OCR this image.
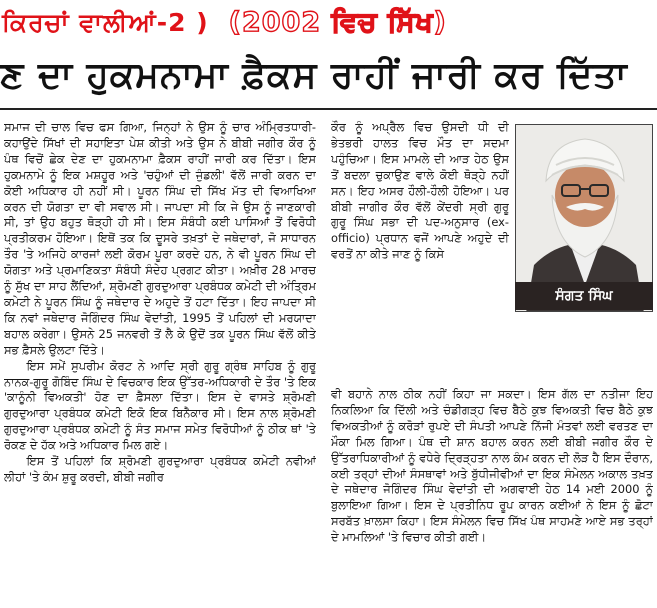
ਕਿਰਚਾਂ ਵਾਲੀਆਂ-2 ) (2002 ਵਿਚ ਸਿੱਖ)
ਣ ਦਾ ਹੁਕਮਨਾਮਾ ਫ਼ੈਕਸ ਰਾਹੀਂ ਜਾਰੀ ਕਰ ਦਿੱਤਾ

ਸਮਾਜ ਦੀ ਚਾਲ ਵਿਚ ਫਸ ਗਿਆ, ਜਿਨ੍ਹਾਂ ਨੇ ਉਸ ਨੂੰ ਚਾਰ ਅੰਮ੍ਰਿਤਧਾਰੀ-ਕਹਾਉਂਦੇ ਸਿੱਖਾਂ ਦੀ ਸਹਾਇਤਾ ਪੇਸ਼ ਕੀਤੀ ਅਤੇ ਉਸ ਨੇ ਬੀਬੀ ਜਗੀਰ ਕੌਰ ਨੂੰ ਪੰਥ ਵਿਚੋਂ ਛੇਕ ਦੇਣ ਦਾ ਹੁਕਮਨਾਮਾ ਫ਼ੈਕਸ ਰਾਹੀਂ ਜਾਰੀ ਕਰ ਦਿੱਤਾ। ਇਸ ਹੁਕਮਨਾਮੇ ਨੂੰ ਇਕ ਮਸ਼ਹੂਰ ਅਤੇ 'ਚਹੁੰਆਂ ਦੀ ਜੁੰਡਲੀ' ਵੱਲੋਂ ਜਾਰੀ ਕਰਨ ਦਾ ਕੋਈ ਅਧਿਕਾਰ ਹੀ ਨਹੀਂ ਸੀ। ਪੂਰਨ ਸਿੰਘ ਦੀ ਸਿੱਖ ਮੱਤ ਦੀ ਵਿਆਖਿਆ ਕਰਨ ਦੀ ਯੋਗਤਾ ਦਾ ਵੀ ਸਵਾਲ ਸੀ। ਜਾਪਦਾ ਸੀ ਕਿ ਜੇ ਉਸ ਨੂੰ ਜਾਣਕਾਰੀ ਸੀ, ਤਾਂ ਉਹ ਬਹੁਤ ਥੋੜ੍ਹੀ ਹੀ ਸੀ। ਇਸ ਸੰਬੰਧੀ ਕਈ ਪਾਸਿਆਂ ਤੋਂ ਵਿਰੋਧੀ ਪ੍ਰਤੀਕਰਮ ਹੋਇਆ। ਇਥੋਂ ਤਕ ਕਿ ਦੂਸਰੇ ਤਖ਼ਤਾਂ ਦੇ ਜਥੇਦਾਰਾਂ, ਜੋ ਸਾਧਾਰਨ ਤੌਰ 'ਤੇ ਅਜਿਹੇ ਕਾਰਜਾਂ ਲਈ ਕੋਰਮ ਪੂਰਾ ਕਰਦੇ ਹਨ, ਨੇ ਵੀ ਪੂਰਨ ਸਿੰਘ ਦੀ ਯੋਗਤਾ ਅਤੇ ਪ੍ਰਮਾਣਿਕਤਾ ਸੰਬੰਧੀ ਸੰਦੇਹ ਪ੍ਰਗਟ ਕੀਤਾ। ਅਖ਼ੀਰ 28 ਮਾਰਚ ਨੂੰ ਸੁੱਖ ਦਾ ਸਾਹ ਲੈਂਦਿਆਂ, ਸ਼੍ਰੋਮਣੀ ਗੁਰਦੁਆਰਾ ਪ੍ਰਬੰਧਕ ਕਮੇਟੀ ਦੀ ਅੰਤ੍ਰਿਮ ਕਮੇਟੀ ਨੇ ਪੂਰਨ ਸਿੰਘ ਨੂੰ ਜਥੇਦਾਰ ਦੇ ਅਹੁਦੇ ਤੋਂ ਹਟਾ ਦਿੱਤਾ। ਇਹ ਜਾਪਦਾ ਸੀ ਕਿ ਨਵਾਂ ਜਥੇਦਾਰ ਜੋਗਿੰਦਰ ਸਿੰਘ ਵੇਦਾਂਤੀ, 1995 ਤੋਂ ਪਹਿਲਾਂ ਦੀ ਮਰਯਾਦਾ ਬਹਾਲ ਕਰੇਗਾ। ਉਸਨੇ 25 ਜਨਵਰੀ ਤੋਂ ਲੈ ਕੇ ਉਦੋਂ ਤਕ ਪੂਰਨ ਸਿੰਘ ਵੱਲੋਂ ਕੀਤੇ ਸਭ ਫ਼ੈਸਲੇ ਉਲਟਾ ਦਿੱਤੇ।

ਇਸ ਸਮੇਂ ਸੁਪਰੀਮ ਕੋਰਟ ਨੇ ਆਦਿ ਸ੍ਰੀ ਗੁਰੂ ਗ੍ਰੰਥ ਸਾਹਿਬ ਨੂੰ ਗੁਰੂ ਨਾਨਕ-ਗੁਰੂ ਗੋਬਿੰਦ ਸਿੰਘ ਦੇ ਵਿਚਕਾਰ ਇਕ ਉੱਤਰ-ਅਧਿਕਾਰੀ ਦੇ ਤੌਰ 'ਤੇ ਇਕ 'ਕਾਨੂੰਨੀ ਵਿਅਕਤੀ' ਹੋਣ ਦਾ ਫ਼ੈਸਲਾ ਦਿੱਤਾ। ਇਸ ਦੇ ਵਾਸਤੇ ਸ਼੍ਰੋਮਣੀ ਗੁਰਦੁਆਰਾ ਪ੍ਰਬੰਧਕ ਕਮੇਟੀ ਇਕੋ ਇਕ ਬਿਨੈਕਾਰ ਸੀ। ਇਸ ਨਾਲ ਸ਼੍ਰੋਮਣੀ ਗੁਰਦੁਆਰਾ ਪ੍ਰਬੰਧਕ ਕਮੇਟੀ ਨੂੰ ਸੰਤ ਸਮਾਜ ਸਮੇਤ ਵਿਰੋਧੀਆਂ ਨੂੰ ਠੀਕ ਥਾਂ 'ਤੇ ਰੋਕਣ ਦੇ ਹੱਕ ਅਤੇ ਅਧਿਕਾਰ ਮਿਲ ਗਏ।

ਇਸ ਤੋਂ ਪਹਿਲਾਂ ਕਿ ਸ਼੍ਰੋਮਣੀ ਗੁਰਦੁਆਰਾ ਪ੍ਰਬੰਧਕ ਕਮੇਟੀ ਨਵੀਆਂ ਲੀਹਾਂ 'ਤੇ ਕੰਮ ਸ਼ੁਰੂ ਕਰਦੀ, ਬੀਬੀ ਜਗੀਰ

ਕੌਰ ਨੂੰ ਅਪ੍ਰੈਲ ਵਿਚ ਉਸਦੀ ਧੀ ਦੀ ਭੇਤਭਰੀ ਹਾਲਤ ਵਿਚ ਮੌਤ ਦਾ ਸਦਮਾ ਪਹੁੰਚਿਆ। ਇਸ ਮਾਮਲੇ ਦੀ ਆੜ ਹੇਠ ਉਸ ਤੋਂ ਬਦਲਾ ਚੁਕਾਉਣ ਵਾਲੇ ਕੋਈ ਥੋੜ੍ਹੇ ਨਹੀਂ ਸਨ। ਇਹ ਅਸਰ ਹੌਲੀ-ਹੌਲੀ ਹੋਇਆ। ਪਰ ਬੀਬੀ ਜਾਗੀਰ ਕੌਰ ਵੱਲੋਂ ਕੇਂਦਰੀ ਸ੍ਰੀ ਗੁਰੂ ਗੁਰੂ ਸਿੰਘ ਸਭਾ ਦੀ ਪਦ-ਅਨੁਸਾਰ (ex-officio) ਪ੍ਰਧਾਨ ਵਜੋਂ ਆਪਣੇ ਅਹੁਦੇ ਦੀ ਵਰਤੋਂ ਨਾ ਕੀਤੇ ਜਾਣ ਨੂੰ ਕਿਸੇ

ਸੰਗਤ ਸਿੰਘ

ਵੀ ਬਹਾਨੇ ਨਾਲ ਠੀਕ ਨਹੀਂ ਕਿਹਾ ਜਾ ਸਕਦਾ। ਇਸ ਗੱਲ ਦਾ ਨਤੀਜਾ ਇਹ ਨਿਕਲਿਆ ਕਿ ਦਿੱਲੀ ਅਤੇ ਚੰਡੀਗੜ੍ਹ ਵਿਚ ਬੈਠੇ ਕੁਝ ਵਿਅਕਤੀ ਵਿਚ ਬੈਠੇ ਕੁਝ ਵਿਅਕਤੀਆਂ ਨੂੰ ਕਰੋੜਾਂ ਰੁਪਏ ਦੀ ਸੰਪਤੀ ਆਪਣੇ ਨਿੱਜੀ ਮੰਤਵਾਂ ਲਈ ਵਰਤਣ ਦਾ ਮੌਕਾ ਮਿਲ ਗਿਆ। ਪੰਥ ਦੀ ਸ਼ਾਨ ਬਹਾਲ ਕਰਨ ਲਈ ਬੀਬੀ ਜਗੀਰ ਕੌਰ ਦੇ ਉੱਤਰਾਧਿਕਾਰੀਆਂ ਨੂੰ ਵਧੇਰੇ ਦ੍ਰਿੜ੍ਹਤਾ ਨਾਲ ਕੰਮ ਕਰਨ ਦੀ ਲੋੜ ਹੈ ਇਸ ਦੌਰਾਨ, ਕਈ ਤਰ੍ਹਾਂ ਦੀਆਂ ਸੰਸਥਾਵਾਂ ਅਤੇ ਬੁੱਧੀਜੀਵੀਆਂ ਦਾ ਇਕ ਸੰਮੇਲਨ ਅਕਾਲ ਤਖ਼ਤ ਦੇ ਜਥੇਦਾਰ ਜੋਗਿੰਦਰ ਸਿੰਘ ਵੇਦਾਂਤੀ ਦੀ ਅਗਵਾਈ ਹੇਠ 14 ਮਈ 2000 ਨੂੰ ਬੁਲਾਇਆ ਗਿਆ। ਇਸ ਦੇ ਪ੍ਰਤੀਨਿਧ ਰੂਪ ਕਾਰਨ ਕਈਆਂ ਨੇ ਇਸ ਨੂੰ ਛੋਟਾ ਸਰਬੱਤ ਖ਼ਾਲਸਾ ਕਿਹਾ। ਇਸ ਸੰਮੇਲਨ ਵਿਚ ਸਿੱਖ ਪੰਥ ਸਾਹਮਣੇ ਆਏ ਸਭ ਤਰ੍ਹਾਂ ਦੇ ਮਾਮਲਿਆਂ 'ਤੇ ਵਿਚਾਰ ਕੀਤੀ ਗਈ।
